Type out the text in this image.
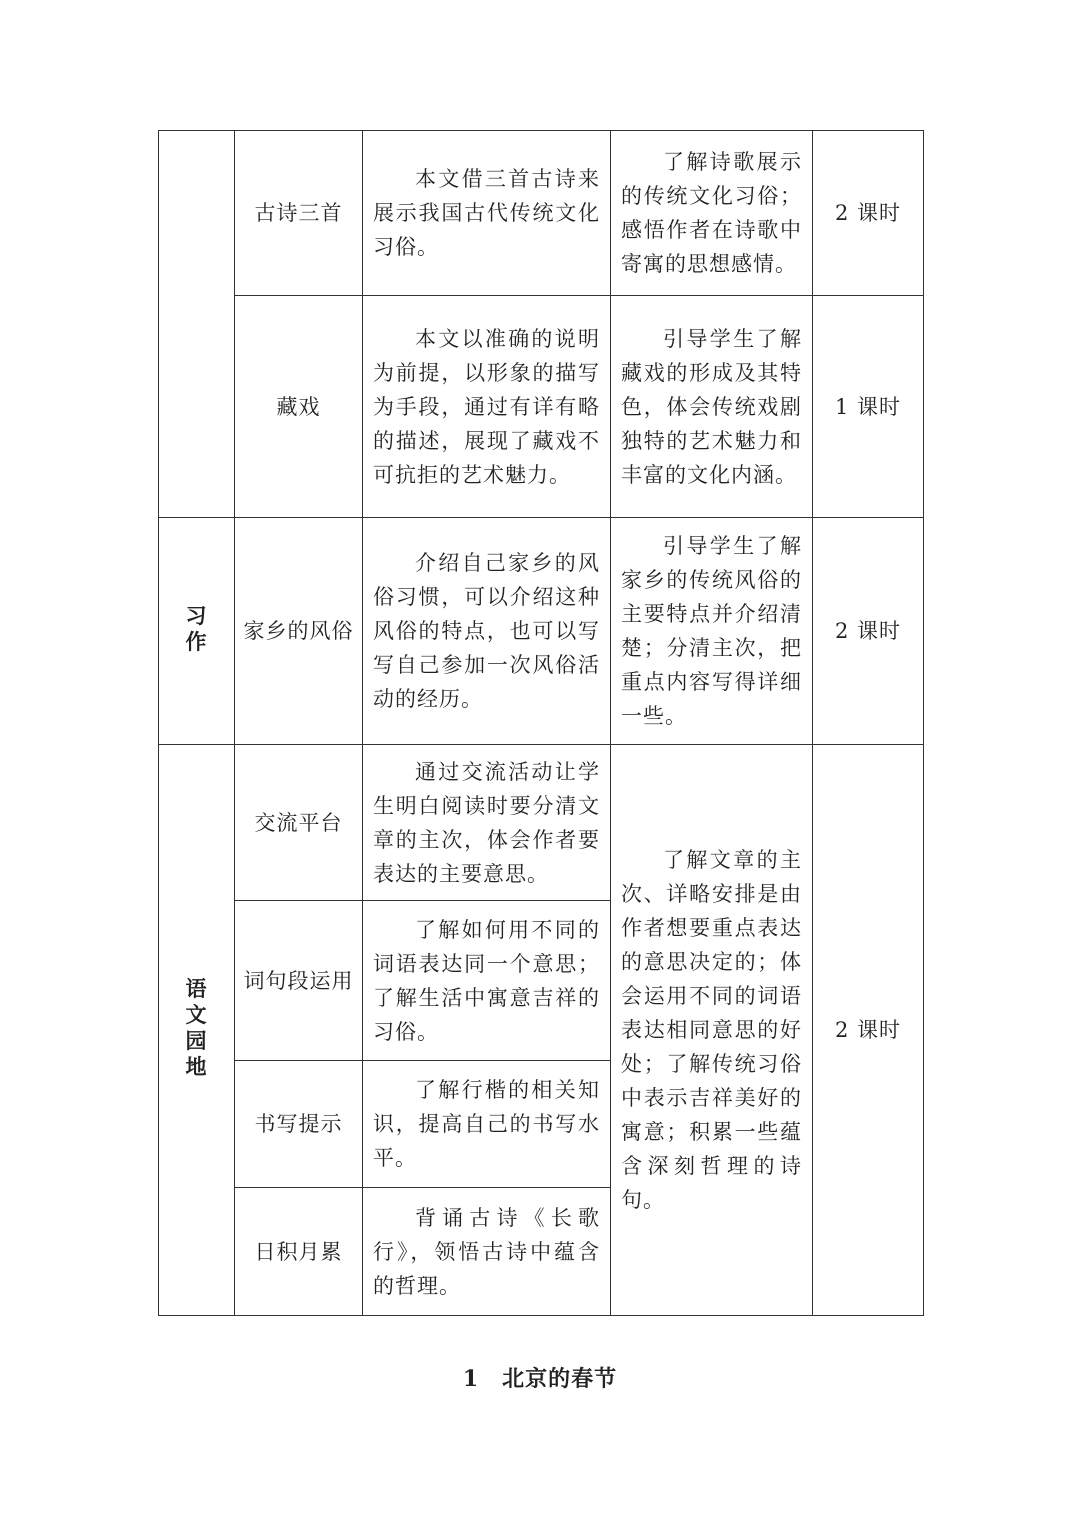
	古诗三首	本文借三首古诗来展示我国古代传统文化习俗。	了解诗歌展示的传统文化习俗；感悟作者在诗歌中寄寓的思想感情。	2 课时
	藏戏	本文以准确的说明为前提，以形象的描写为手段，通过有详有略的描述，展现了藏戏不可抗拒的艺术魅力。	引导学生了解藏戏的形成及其特色，体会传统戏剧独特的艺术魅力和丰富的文化内涵。	1 课时
习作	家乡的风俗	介绍自己家乡的风俗习惯，可以介绍这种风俗的特点，也可以写写自己参加一次风俗活动的经历。	引导学生了解家乡的传统风俗的主要特点并介绍清楚；分清主次，把重点内容写得详细一些。	2 课时
语文园地	交流平台	通过交流活动让学生明白阅读时要分清文章的主次，体会作者要表达的主要意思。	了解文章的主次、详略安排是由作者想要重点表达的意思决定的；体会运用不同的词语表达相同意思的好处；了解传统习俗中表示吉祥美好的寓意；积累一些蕴含深刻哲理的诗句。	2 课时
	词句段运用	了解如何用不同的词语表达同一个意思；了解生活中寓意吉祥的习俗。		

	书写提示	了解行楷的相关知识，提高自己的书写水平。		

	日积月累	背诵古诗《长歌行》，领悟古诗中蕴含的哲理。		
1　北京的春节
